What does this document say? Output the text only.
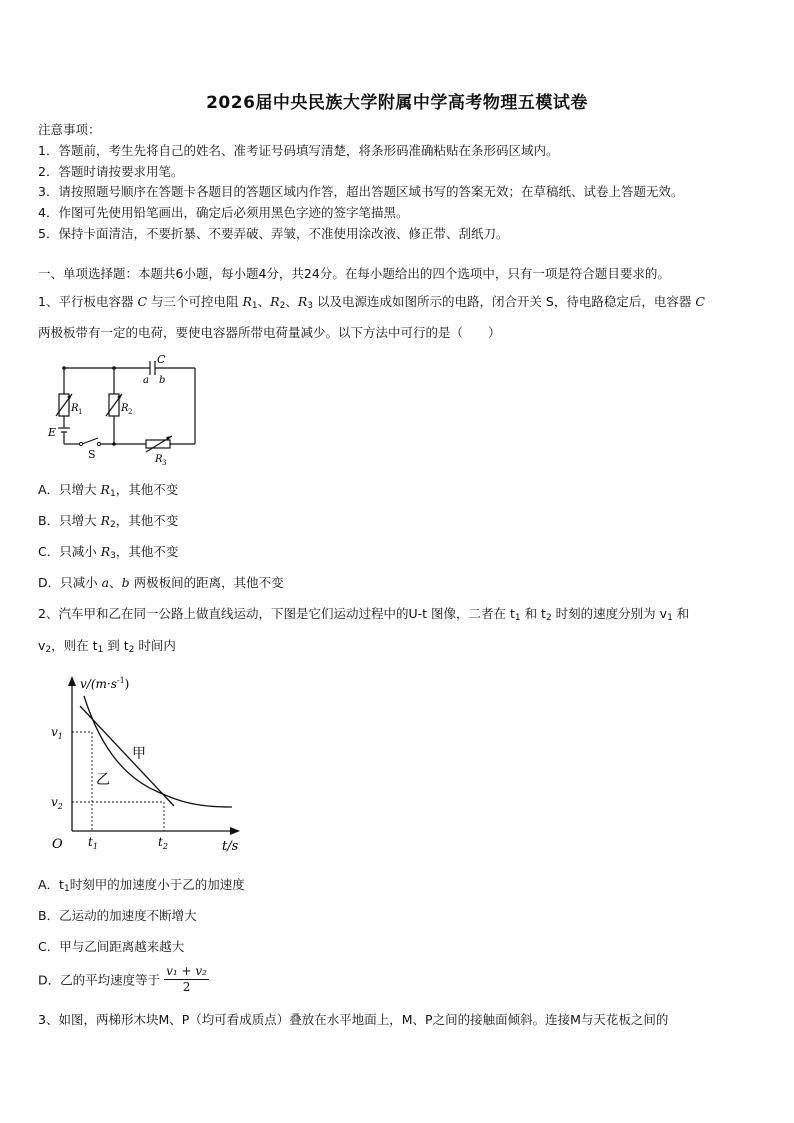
2026届中央民族大学附属中学高考物理五模试卷
注意事项：
1．答题前，考生先将自己的姓名、准考证号码填写清楚，将条形码准确粘贴在条形码区域内。
2．答题时请按要求用笔。
3．请按照题号顺序在答题卡各题目的答题区域内作答，超出答题区域书写的答案无效；在草稿纸、试卷上答题无效。
4．作图可先使用铅笔画出，确定后必须用黑色字迹的签字笔描黑。
5．保持卡面清洁，不要折暴、不要弄破、弄皱，不准使用涂改液、修正带、刮纸刀。
一、单项选择题：本题共6小题，每小题4分，共24分。在每小题给出的四个选项中，只有一项是符合题目要求的。
1、平行板电容器 C 与三个可控电阻 $R_1$、$R_2$、$R_3$ 以及电源连成如图所示的电路，闭合开关 S，待电路稳定后，电容器 C
两极板带有一定的电荷，要使电容器所带电荷量减少。以下方法中可行的是（　　）
C
a b
R 1	R 2
R 3
E
S
A．只增大 $R_1$，其他不变
B．只增大 $R_2$，其他不变
C．只减小 $R_3$，其他不变
D．只减小 a、b 两极板间的距离，其他不变
2、汽车甲和乙在同一公路上做直线运动，下图是它们运动过程中的U-t 图像，二者在 $t_1$ 和 $t_2$ 时刻的速度分别为 $v_1$ 和
$v_2$，则在 $t_1$ 到 $t_2$ 时间内
$v/(m\cdot s^{-1})$
t/s
O
$v_1$
$v_2$
$t_1$	$t_2$
甲
乙
A．$t_1$时刻甲的加速度小于乙的加速度
B．乙运动的加速度不断增大
C．甲与乙间距离越来越大
D．乙的平均速度等于 $\frac{\text{v₁ + v₂}}{2}$
3、如图，两梯形木块M、P（均可看成质点）叠放在水平地面上，M、P之间的接触面倾斜。连接M与天花板之间的
